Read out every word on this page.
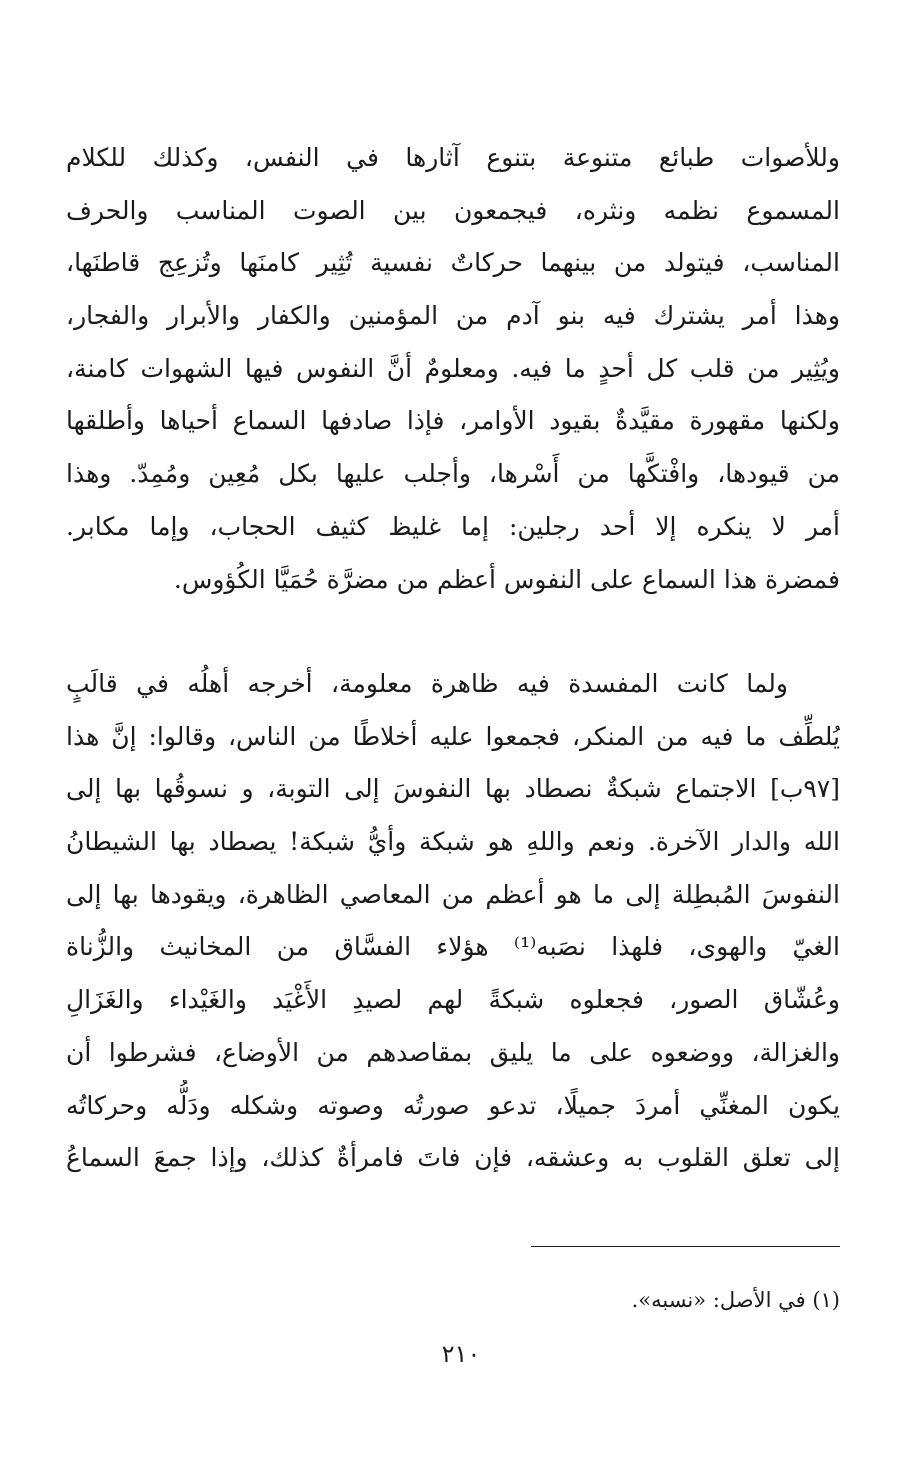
وللأصوات طبائع متنوعة بتنوع آثارها في النفس، وكذلك للكلام
المسموع نظمه ونثره، فيجمعون بين الصوت المناسب والحرف
المناسب، فيتولد من بينهما حركاتٌ نفسية تُثِير كامنَها وتُزعِج قاطنَها،
وهذا أمر يشترك فيه بنو آدم من المؤمنين والكفار والأبرار والفجار،
ويُثِير من قلب كل أحدٍ ما فيه. ومعلومٌ أنَّ النفوس فيها الشهوات كامنة،
ولكنها مقهورة مقيَّدةٌ بقيود الأوامر، فإذا صادفها السماع أحياها وأطلقها
من قيودها، وافْتكَّها من أَسْرها، وأجلب عليها بكل مُعِين ومُمِدّ. وهذا
أمر لا ينكره إلا أحد رجلين: إما غليظ كثيف الحجاب، وإما مكابر.
فمضرة هذا السماع على النفوس أعظم من مضرَّة حُمَيَّا الكُؤوس.
ولما كانت المفسدة فيه ظاهرة معلومة، أخرجه أهلُه في قالَبٍ
يُلطِّف ما فيه من المنكر، فجمعوا عليه أخلاطًا من الناس، وقالوا: إنَّ هذا
[٩٧ب] الاجتماع شبكةٌ نصطاد بها النفوسَ إلى التوبة، و نسوقُها بها إلى
الله والدار الآخرة. ونعم واللهِ هو شبكة وأيُّ شبكة! يصطاد بها الشيطانُ
النفوسَ المُبطِلة إلى ما هو أعظم من المعاصي الظاهرة، ويقودها بها إلى
الغيّ والهوى، فلهذا نصَبه⁽¹⁾ هؤلاء الفسَّاق من المخانيث والزُّناة
وعُشّاق الصور، فجعلوه شبكةً لهم لصيدِ الأَغْيَد والغَيْداء والغَزَالِ
والغزالة، ووضعوه على ما يليق بمقاصدهم من الأوضاع، فشرطوا أن
يكون المغنِّي أمردَ جميلًا، تدعو صورتُه وصوته وشكله ودَلُّه وحركاتُه
إلى تعلق القلوب به وعشقه، فإن فاتَ فامرأةٌ كذلك، وإذا جمعَ السماعُ
(١) في الأصل: «نسبه».
٢١٠
